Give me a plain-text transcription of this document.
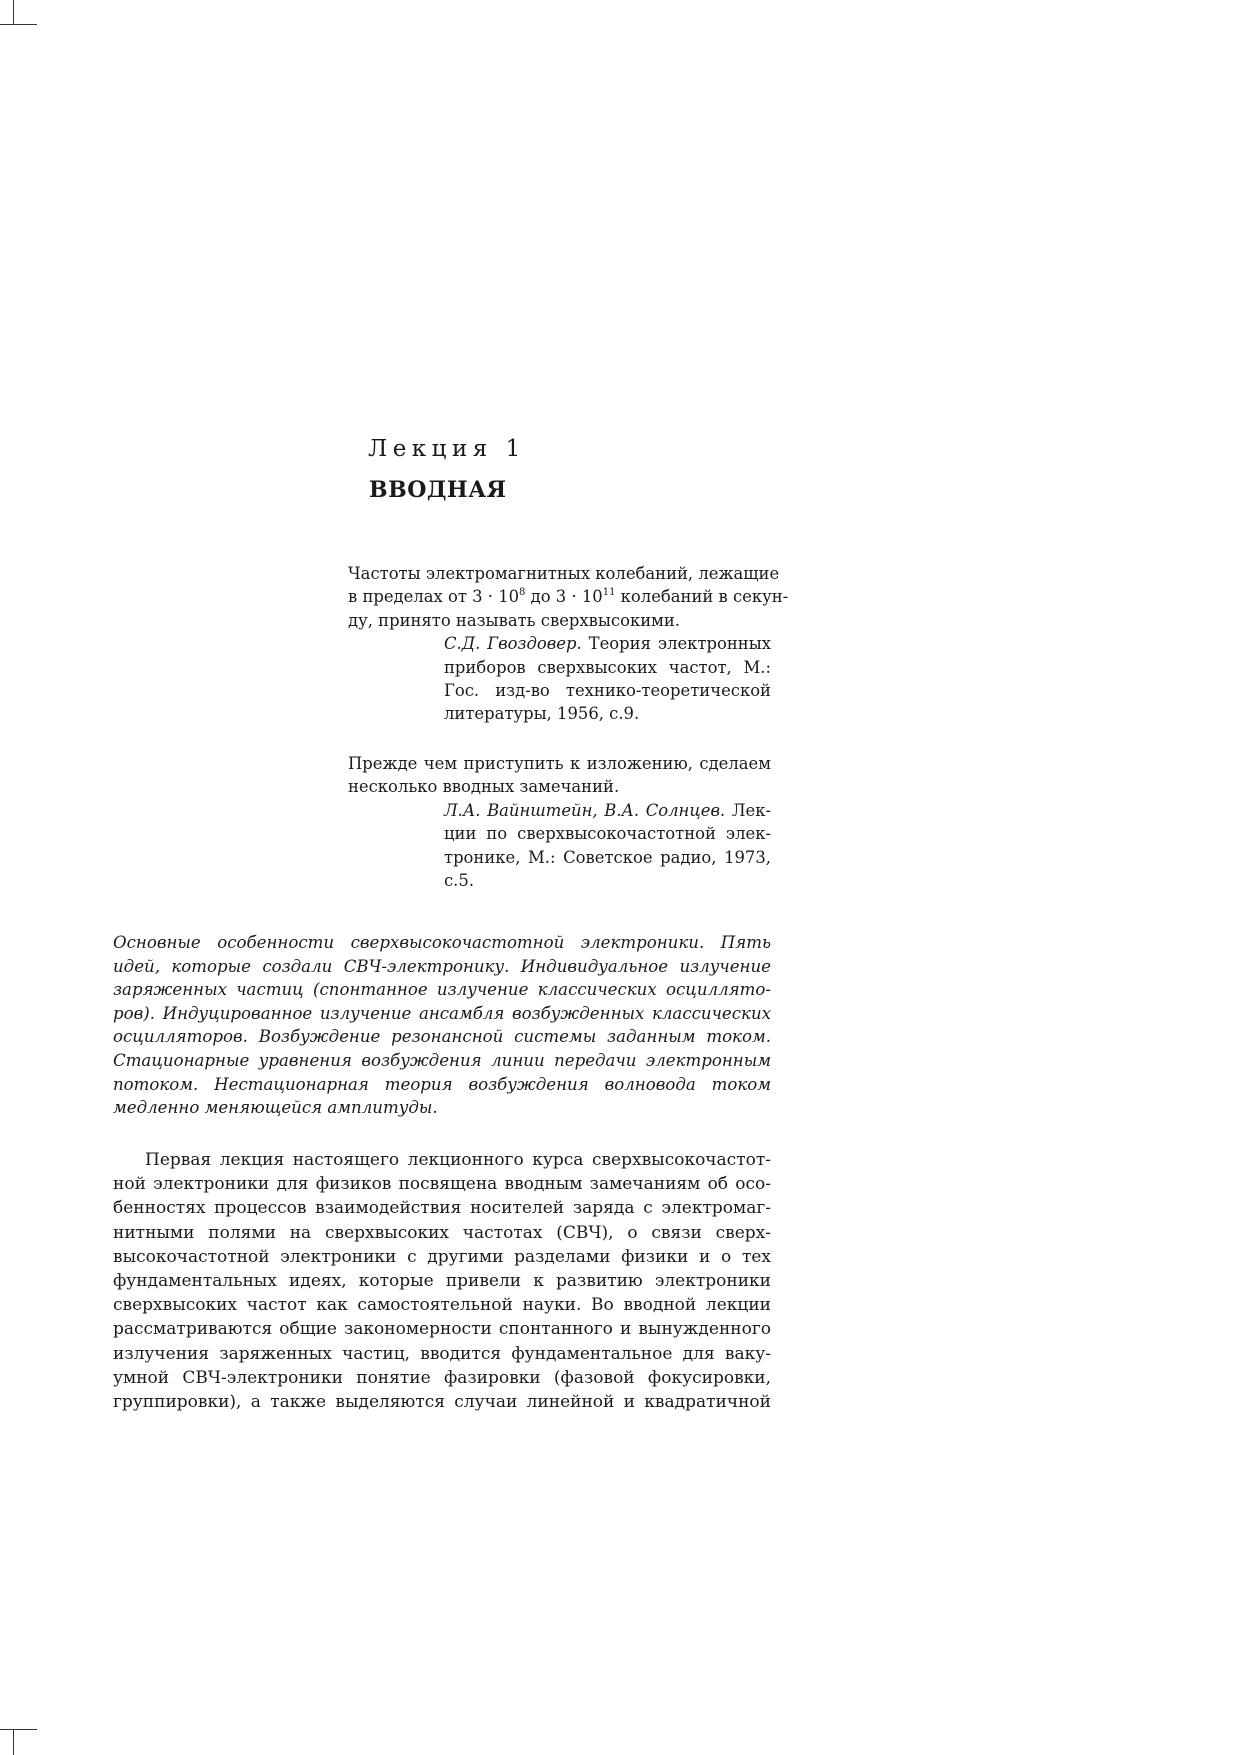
Лекция 1
ВВОДНАЯ
Частоты электромагнитных колебаний, лежащие
в пределах от $3 \cdot 10^8$ до $3 \cdot 10^{11}$ колебаний в секун-
ду, принято называть сверхвысокими.
С.Д. Гвоздовер. Теория электронных
приборов сверхвысоких частот, М.:
Гос. изд-во технико-теоретической
литературы, 1956, с.9.
Прежде чем приступить к изложению, сделаем
несколько вводных замечаний.
Л.А. Вайнштейн, В.А. Солнцев. Лек-
ции по сверхвысокочастотной элек-
тронике, М.: Советское радио, 1973,
с.5.
Основные особенности сверхвысокочастотной электроники. Пять
идей, которые создали СВЧ-электронику. Индивидуальное излучение
заряженных частиц (спонтанное излучение классических осциллято-
ров). Индуцированное излучение ансамбля возбужденных классических
осцилляторов. Возбуждение резонансной системы заданным током.
Стационарные уравнения возбуждения линии передачи электронным
потоком. Нестационарная теория возбуждения волновода током
медленно меняющейся амплитуды.
Первая лекция настоящего лекционного курса сверхвысокочастот-
ной электроники для физиков посвящена вводным замечаниям об осо-
бенностях процессов взаимодействия носителей заряда с электромаг-
нитными полями на сверхвысоких частотах (СВЧ), о связи сверх-
высокочастотной электроники с другими разделами физики и о тех
фундаментальных идеях, которые привели к развитию электроники
сверхвысоких частот как самостоятельной науки. Во вводной лекции
рассматриваются общие закономерности спонтанного и вынужденного
излучения заряженных частиц, вводится фундаментальное для ваку-
умной СВЧ-электроники понятие фазировки (фазовой фокусировки,
группировки), а также выделяются случаи линейной и квадратичной
